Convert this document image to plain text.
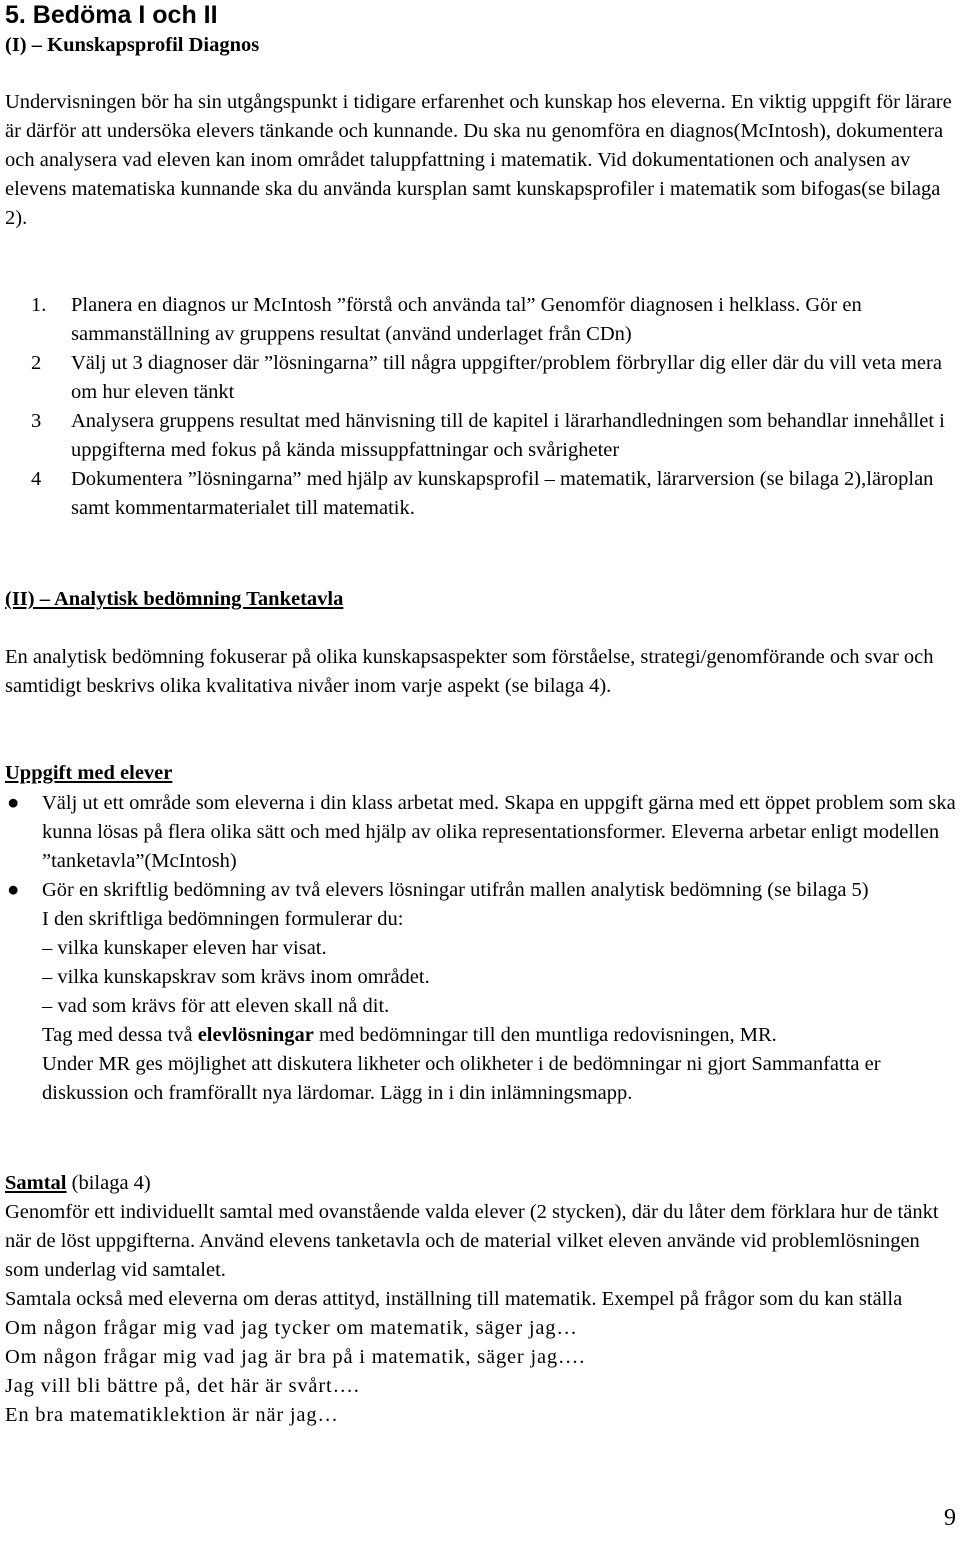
5. Bedöma I och II
(I) – Kunskapsprofil Diagnos
Undervisningen bör ha sin utgångspunkt i tidigare erfarenhet och kunskap hos eleverna. En viktig uppgift för lärare är därför att undersöka elevers tänkande och kunnande. Du ska nu genomföra en diagnos(McIntosh), dokumentera och analysera vad eleven kan inom området taluppfattning i matematik. Vid dokumentationen och analysen av elevens matematiska kunnande ska du använda kursplan samt kunskapsprofiler i matematik som bifogas(se bilaga 2).
1.	Planera en diagnos ur McIntosh ”förstå och använda tal” Genomför diagnosen i helklass. Gör en sammanställning av gruppens resultat (använd underlaget från CDn)
2	Välj ut 3 diagnoser där ”lösningarna” till några uppgifter/problem förbryllar dig eller där du vill veta mera om hur eleven tänkt
3	Analysera gruppens resultat med hänvisning till de kapitel i lärarhandledningen som behandlar innehållet i uppgifterna med fokus på kända missuppfattningar och svårigheter
4	Dokumentera ”lösningarna” med hjälp av kunskapsprofil – matematik, lärarversion (se bilaga 2),läroplan samt kommentarmaterialet till matematik.
(II) – Analytisk bedömning Tanketavla
En analytisk bedömning fokuserar på olika kunskapsaspekter som förståelse, strategi/genomförande och svar och samtidigt beskrivs olika kvalitativa nivåer inom varje aspekt (se bilaga 4).
Uppgift med elever
● Välj ut ett område som eleverna i din klass arbetat med. Skapa en uppgift gärna med ett öppet problem som ska kunna lösas på flera olika sätt och med hjälp av olika representationsformer. Eleverna arbetar enligt modellen ”tanketavla”(McIntosh)
● Gör en skriftlig bedömning av två elevers lösningar utifrån mallen analytisk bedömning (se bilaga 5)
I den skriftliga bedömningen formulerar du:
– vilka kunskaper eleven har visat.
– vilka kunskapskrav som krävs inom området.
– vad som krävs för att eleven skall nå dit.
Tag med dessa två elevlösningar med bedömningar till den muntliga redovisningen, MR.
Under MR ges möjlighet att diskutera likheter och olikheter i de bedömningar ni gjort Sammanfatta er diskussion och framförallt nya lärdomar. Lägg in i din inlämningsmapp.
Samtal (bilaga 4)
Genomför ett individuellt samtal med ovanstående valda elever (2 stycken), där du låter dem förklara hur de tänkt när de löst uppgifterna. Använd elevens tanketavla och de material vilket eleven använde vid problemlösningen som underlag vid samtalet.
Samtala också med eleverna om deras attityd, inställning till matematik. Exempel på frågor som du kan ställa
Om någon frågar mig vad jag tycker om matematik, säger jag…
Om någon frågar mig vad jag är bra på i matematik, säger jag….
Jag vill bli bättre på, det här är svårt….
En bra matematiklektion är när jag…
9
